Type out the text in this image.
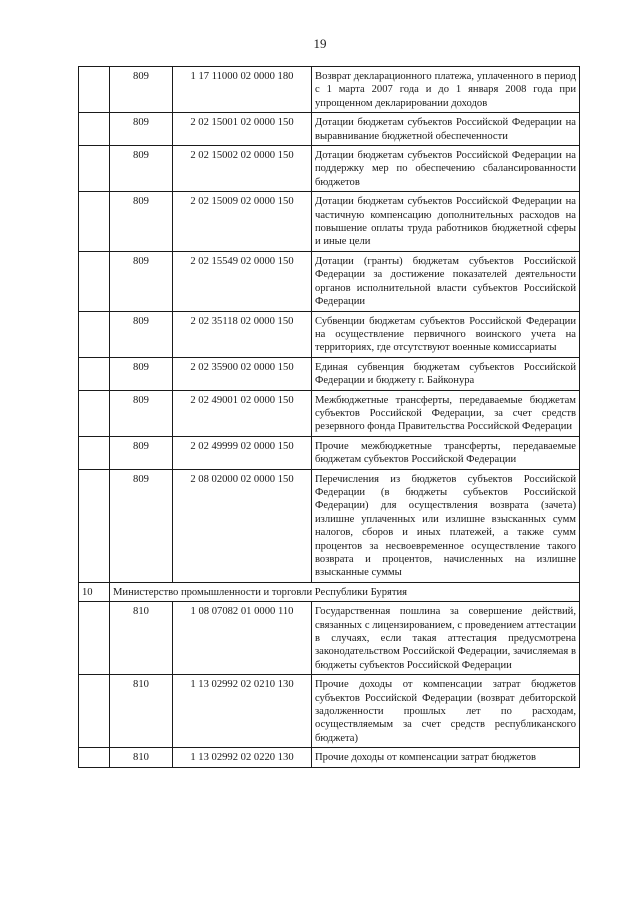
19
	809	1 17 11000 02 0000 180	Возврат декларационного платежа, уплаченного в период с 1 марта 2007 года и до 1 января 2008 года при упрощенном декларировании доходов
	809	2 02 15001 02 0000 150	Дотации бюджетам субъектов Российской Федерации на выравнивание бюджетной обеспеченности
	809	2 02 15002 02 0000 150	Дотации бюджетам субъектов Российской Федерации на поддержку мер по обеспечению сбалансированности бюджетов
	809	2 02 15009 02 0000 150	Дотации бюджетам субъектов Российской Федерации на частичную компенсацию дополнительных расходов на повышение оплаты труда работников бюджетной сферы и иные цели
	809	2 02 15549 02 0000 150	Дотации (гранты) бюджетам субъектов Российской Федерации за достижение показателей деятельности органов исполнительной власти субъектов Российской Федерации
	809	2 02 35118 02 0000 150	Субвенции бюджетам субъектов Российской Федерации на осуществление первичного воинского учета на территориях, где отсутствуют военные комиссариаты
	809	2 02 35900 02 0000 150	Единая субвенция бюджетам субъектов Российской Федерации и бюджету г. Байконура
	809	2 02 49001 02 0000 150	Межбюджетные трансферты, передаваемые бюджетам субъектов Российской Федерации, за счет средств резервного фонда Правительства Российской Федерации
	809	2 02 49999 02 0000 150	Прочие межбюджетные трансферты, передаваемые бюджетам субъектов Российской Федерации
	809	2 08 02000 02 0000 150	Перечисления из бюджетов субъектов Российской Федерации (в бюджеты субъектов Российской Федерации) для осуществления возврата (зачета) излишне уплаченных или излишне взысканных сумм налогов, сборов и иных платежей, а также сумм процентов за несвоевременное осуществление такого возврата и процентов, начисленных на излишне взысканные суммы
10	Министерство промышленности и торговли Республики Бурятия		
	810	1 08 07082 01 0000 110	Государственная пошлина за совершение действий, связанных с лицензированием, с проведением аттестации в случаях, если такая аттестация предусмотрена законодательством Российской Федерации, зачисляемая в бюджеты субъектов Российской Федерации
	810	1 13 02992 02 0210 130	Прочие доходы от компенсации затрат бюджетов субъектов Российской Федерации (возврат дебиторской задолженности прошлых лет по расходам, осуществляемым за счет средств республиканского бюджета)
	810	1 13 02992 02 0220 130	Прочие доходы от компенсации затрат бюджетов
